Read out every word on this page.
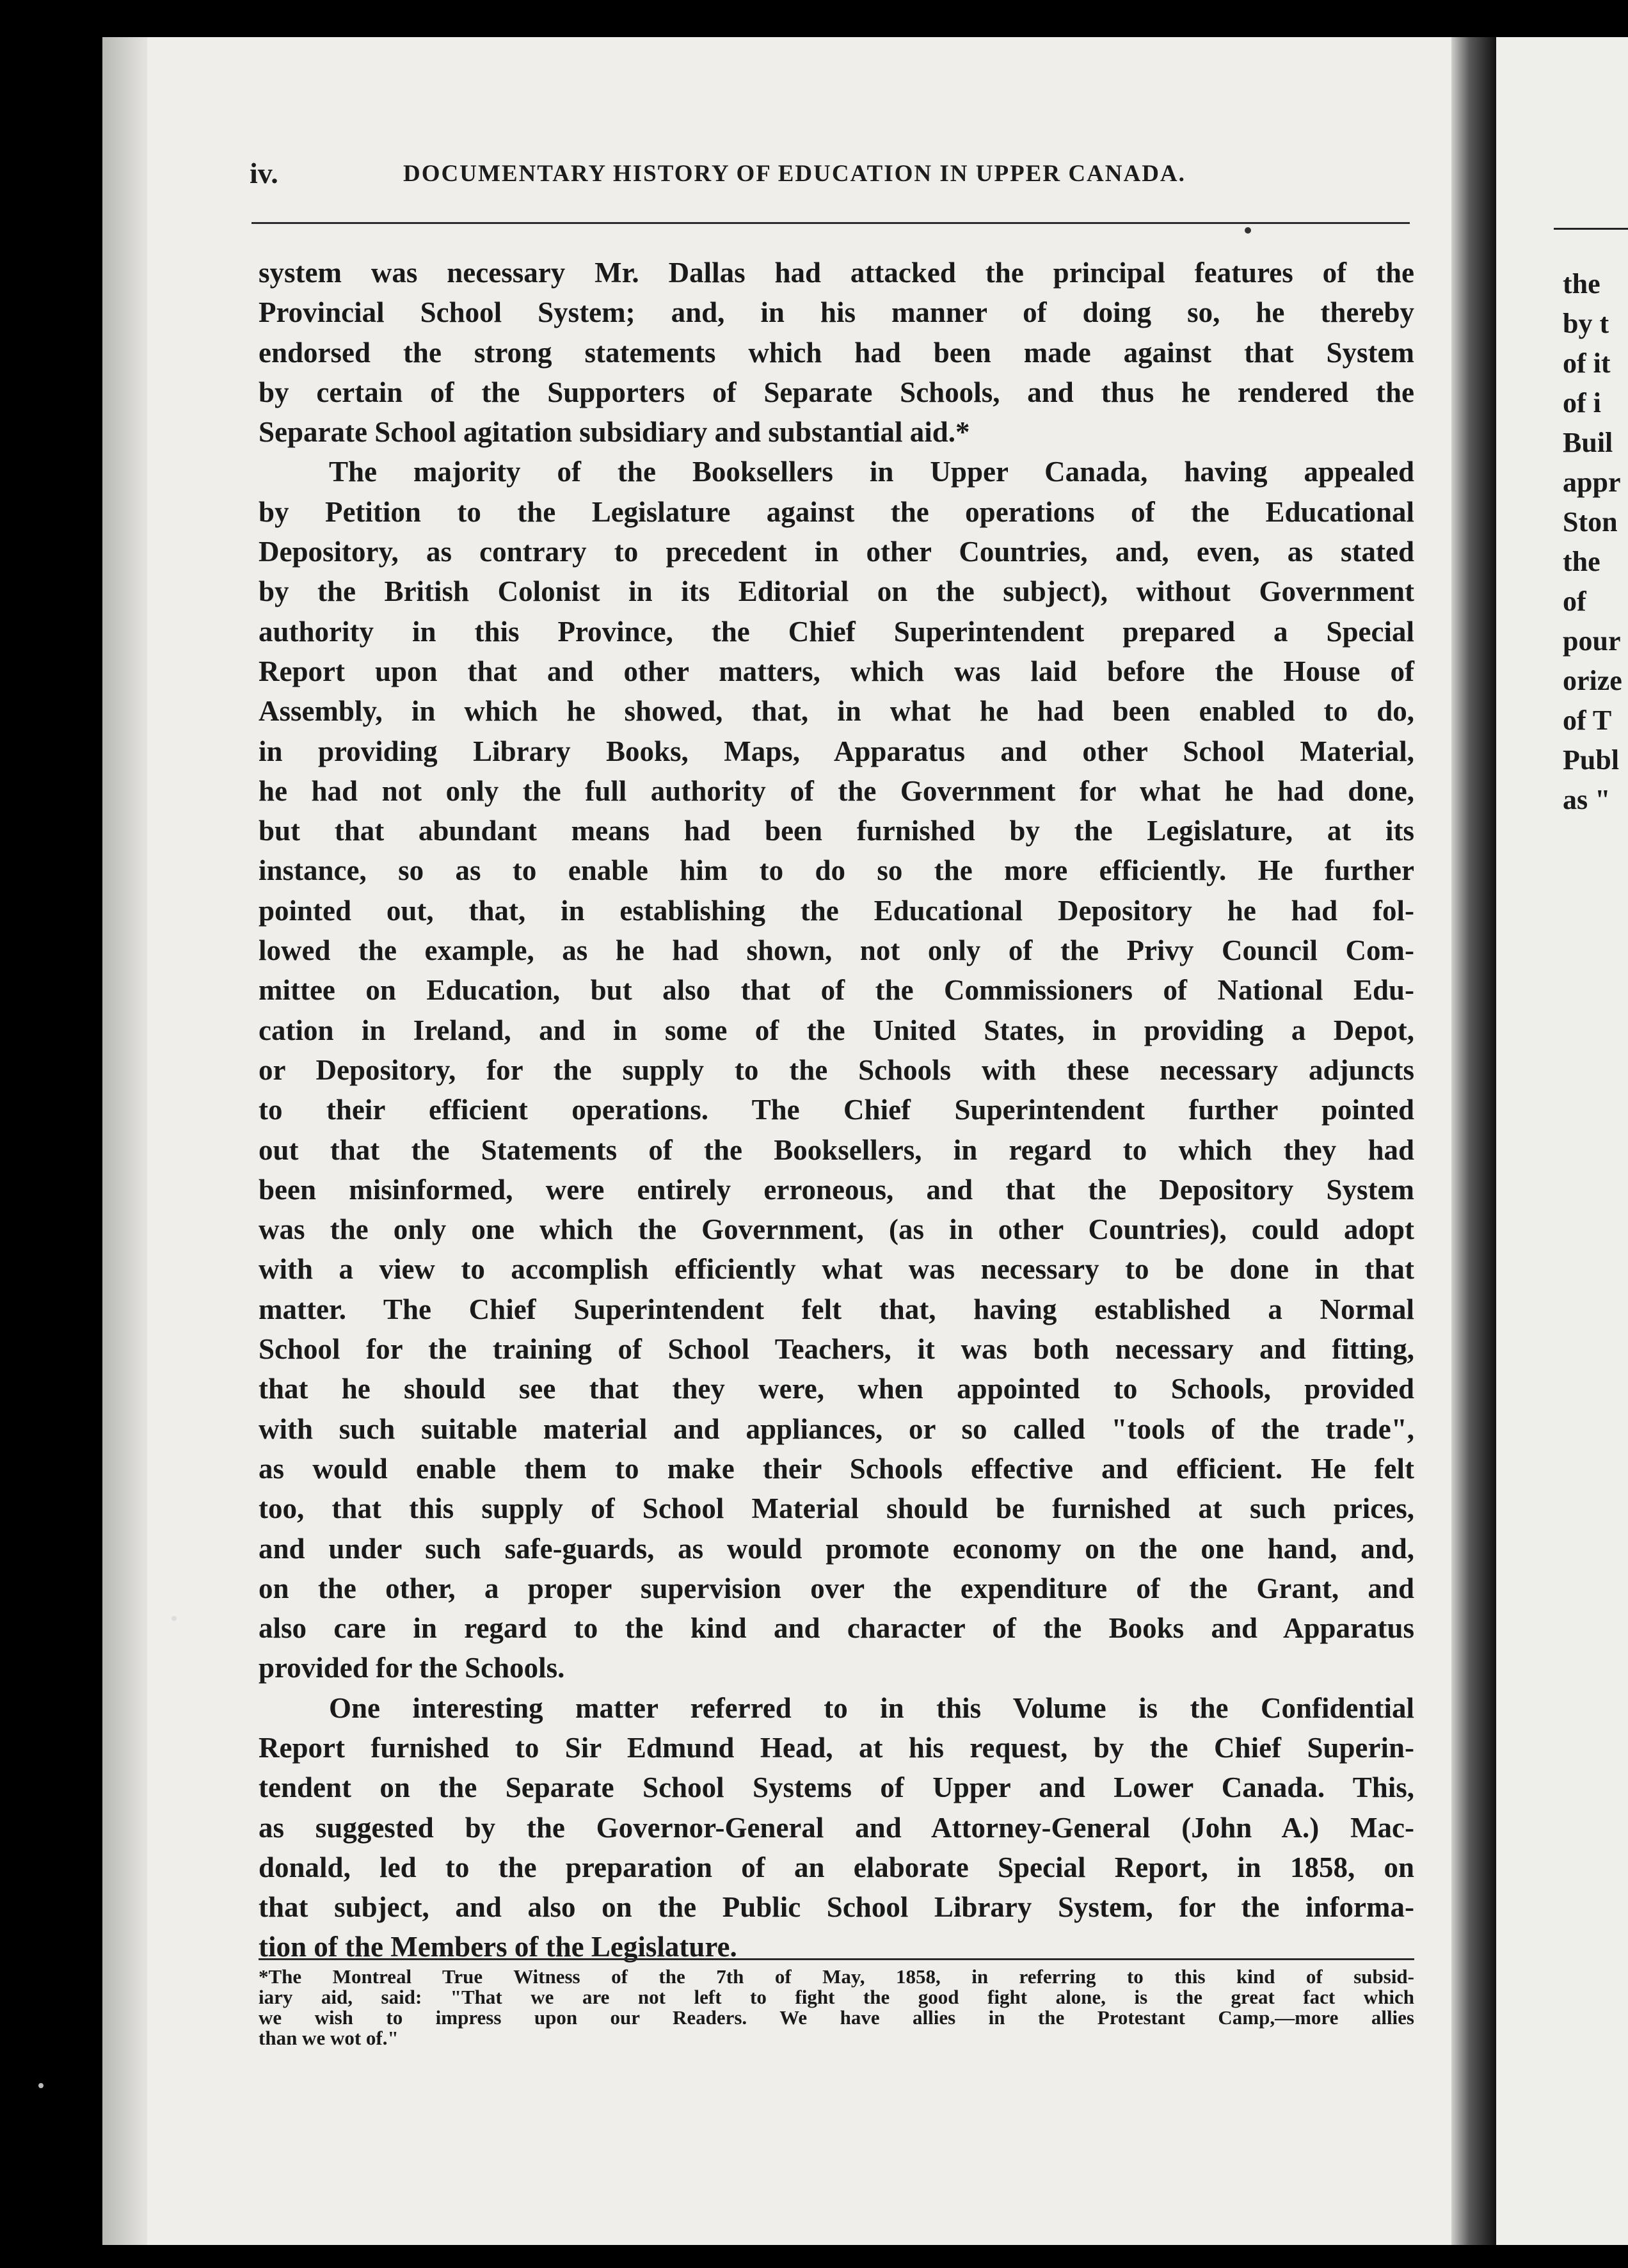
the
by t
of it
of i
Buil
appr
Ston
the
of
pour
orize
of T
Publ
as "
iv.	DOCUMENTARY HISTORY OF EDUCATION IN UPPER CANADA.
system was necessary Mr. Dallas had attacked the principal features of the
Provincial School System; and, in his manner of doing so, he thereby
endorsed the strong statements which had been made against that System
by certain of the Supporters of Separate Schools, and thus he rendered the
Separate School agitation subsidiary and substantial aid.*
The majority of the Booksellers in Upper Canada, having appealed
by Petition to the Legislature against the operations of the Educational
Depository, as contrary to precedent in other Countries, and, even, as stated
by the British Colonist in its Editorial on the subject), without Government
authority in this Province, the Chief Superintendent prepared a Special
Report upon that and other matters, which was laid before the House of
Assembly, in which he showed, that, in what he had been enabled to do,
in providing Library Books, Maps, Apparatus and other School Material,
he had not only the full authority of the Government for what he had done,
but that abundant means had been furnished by the Legislature, at its
instance, so as to enable him to do so the more efficiently. He further
pointed out, that, in establishing the Educational Depository he had fol-
lowed the example, as he had shown, not only of the Privy Council Com-
mittee on Education, but also that of the Commissioners of National Edu-
cation in Ireland, and in some of the United States, in providing a Depot,
or Depository, for the supply to the Schools with these necessary adjuncts
to their efficient operations. The Chief Superintendent further pointed
out that the Statements of the Booksellers, in regard to which they had
been misinformed, were entirely erroneous, and that the Depository System
was the only one which the Government, (as in other Countries), could adopt
with a view to accomplish efficiently what was necessary to be done in that
matter. The Chief Superintendent felt that, having established a Normal
School for the training of School Teachers, it was both necessary and fitting,
that he should see that they were, when appointed to Schools, provided
with such suitable material and appliances, or so called "tools of the trade",
as would enable them to make their Schools effective and efficient. He felt
too, that this supply of School Material should be furnished at such prices,
and under such safe-guards, as would promote economy on the one hand, and,
on the other, a proper supervision over the expenditure of the Grant, and
also care in regard to the kind and character of the Books and Apparatus
provided for the Schools.
One interesting matter referred to in this Volume is the Confidential
Report furnished to Sir Edmund Head, at his request, by the Chief Superin-
tendent on the Separate School Systems of Upper and Lower Canada. This,
as suggested by the Governor-General and Attorney-General (John A.) Mac-
donald, led to the preparation of an elaborate Special Report, in 1858, on
that subject, and also on the Public School Library System, for the informa-
tion of the Members of the Legislature.
*The Montreal True Witness of the 7th of May, 1858, in referring to this kind of subsid-
iary aid, said: "That we are not left to fight the good fight alone, is the great fact which
we wish to impress upon our Readers. We have allies in the Protestant Camp,—more allies
than we wot of."
